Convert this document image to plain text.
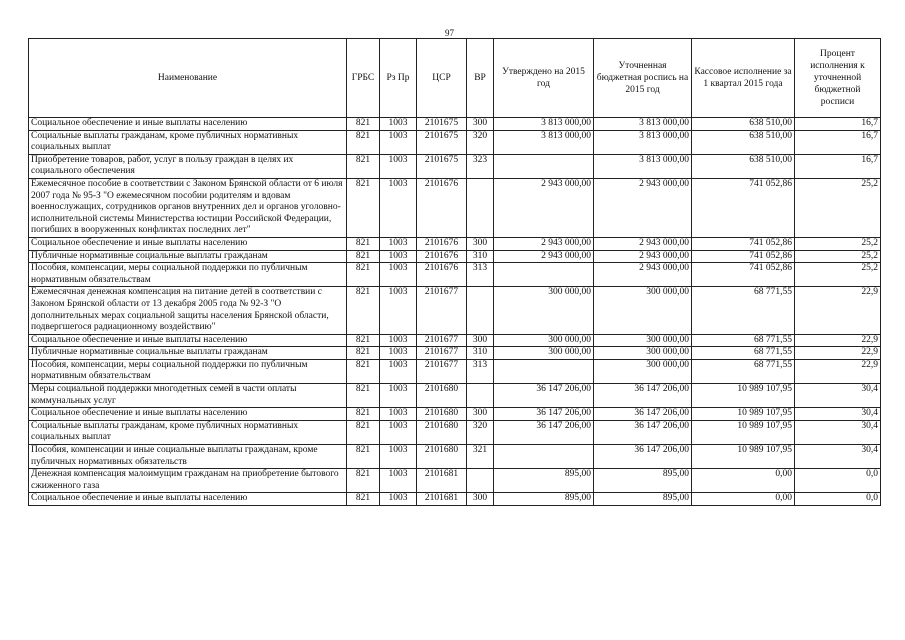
97
Наименование	ГРБС	Рз Пр	ЦСР	ВР	Утверждено на 2015 год	Уточненная бюджетная роспись на 2015 год	Кассовое исполнение за 1 квартал 2015 года	Процент исполнения к уточненной бюджетной росписи
Социальное обеспечение и иные выплаты населению	821	1003	2101675	300	3 813 000,00	3 813 000,00	638 510,00	16,7
Социальные выплаты гражданам, кроме публичных нормативных социальных выплат	821	1003	2101675	320	3 813 000,00	3 813 000,00	638 510,00	16,7
Приобретение товаров, работ, услуг в пользу граждан в целях их социального обеспечения	821	1003	2101675	323		3 813 000,00	638 510,00	16,7
Ежемесячное пособие в соответствии с Законом Брянской области от 6 июля 2007 года № 95-З "О ежемесячном пособии родителям и вдовам военнослужащих, сотрудников органов внутренних дел и органов уголовно-исполнительной системы Министерства юстиции Российской Федерации, погибших в вооруженных конфликтах последних лет"	821	1003	2101676		2 943 000,00	2 943 000,00	741 052,86	25,2
Социальное обеспечение и иные выплаты населению	821	1003	2101676	300	2 943 000,00	2 943 000,00	741 052,86	25,2
Публичные нормативные социальные выплаты гражданам	821	1003	2101676	310	2 943 000,00	2 943 000,00	741 052,86	25,2
Пособия, компенсации, меры социальной поддержки по публичным нормативным обязательствам	821	1003	2101676	313		2 943 000,00	741 052,86	25,2
Ежемесячная денежная компенсация на питание детей в соответствии с Законом Брянской области от 13 декабря 2005 года № 92-З "О дополнительных мерах социальной защиты населения Брянской области, подвергшегося радиационному воздействию"	821	1003	2101677		300 000,00	300 000,00	68 771,55	22,9
Социальное обеспечение и иные выплаты населению	821	1003	2101677	300	300 000,00	300 000,00	68 771,55	22,9
Публичные нормативные социальные выплаты гражданам	821	1003	2101677	310	300 000,00	300 000,00	68 771,55	22,9
Пособия, компенсации, меры социальной поддержки по публичным нормативным обязательствам	821	1003	2101677	313		300 000,00	68 771,55	22,9
Меры социальной поддержки многодетных семей в части оплаты коммунальных услуг	821	1003	2101680		36 147 206,00	36 147 206,00	10 989 107,95	30,4
Социальное обеспечение и иные выплаты населению	821	1003	2101680	300	36 147 206,00	36 147 206,00	10 989 107,95	30,4
Социальные выплаты гражданам, кроме публичных нормативных социальных выплат	821	1003	2101680	320	36 147 206,00	36 147 206,00	10 989 107,95	30,4
Пособия, компенсации и иные социальные выплаты гражданам, кроме публичных нормативных обязательств	821	1003	2101680	321		36 147 206,00	10 989 107,95	30,4
Денежная компенсация малоимущим гражданам на приобретение бытового сжиженного газа	821	1003	2101681		895,00	895,00	0,00	0,0
Социальное обеспечение и иные выплаты населению	821	1003	2101681	300	895,00	895,00	0,00	0,0
